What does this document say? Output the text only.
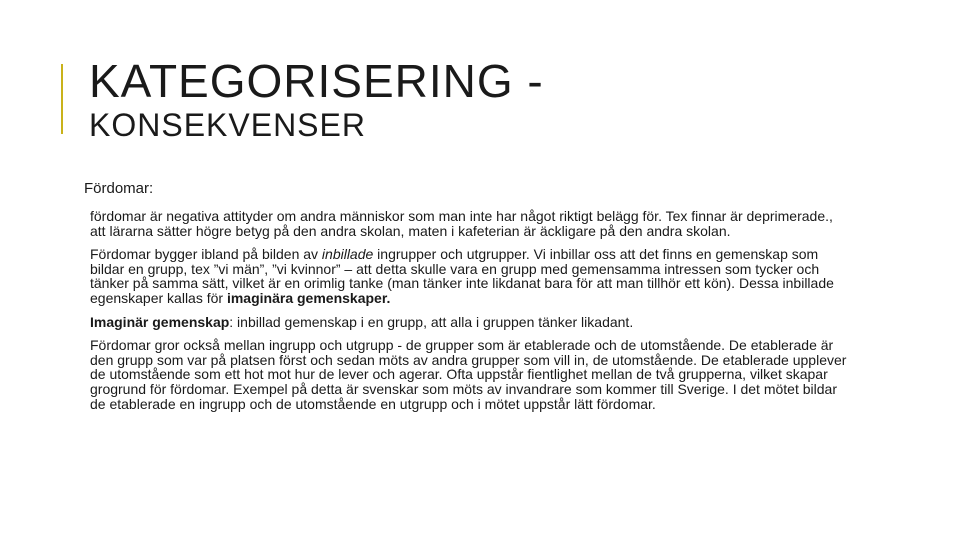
KATEGORISERING -
KONSEKVENSER
Fördomar:

fördomar är negativa attityder om andra människor som man inte har något riktigt belägg för. Tex finnar är deprimerade., att lärarna sätter högre betyg på den andra skolan, maten i kafeterian är äckligare på den andra skolan.

Fördomar bygger ibland på bilden av inbillade ingrupper och utgrupper. Vi inbillar oss att det finns en gemenskap som bildar en grupp, tex ”vi män”, ”vi kvinnor” – att detta skulle vara en grupp med gemensamma intressen som tycker och tänker på samma sätt, vilket är en orimlig tanke (man tänker inte likdanat bara för att man tillhör ett kön). Dessa inbillade egenskaper kallas för imaginära gemenskaper.

Imaginär gemenskap: inbillad gemenskap i en grupp, att alla i gruppen tänker likadant.

Fördomar gror också mellan ingrupp och utgrupp - de grupper som är etablerade och de utomstående. De etablerade är den grupp som var på platsen först och sedan möts av andra grupper som vill in, de utomstående. De etablerade upplever de utomstående som ett hot mot hur de lever och agerar. Ofta uppstår fientlighet mellan de två grupperna, vilket skapar grogrund för fördomar. Exempel på detta är svenskar som möts av invandrare som kommer till Sverige. I det mötet bildar de etablerade en ingrupp och de utomstående en utgrupp och i mötet uppstår lätt fördomar.
